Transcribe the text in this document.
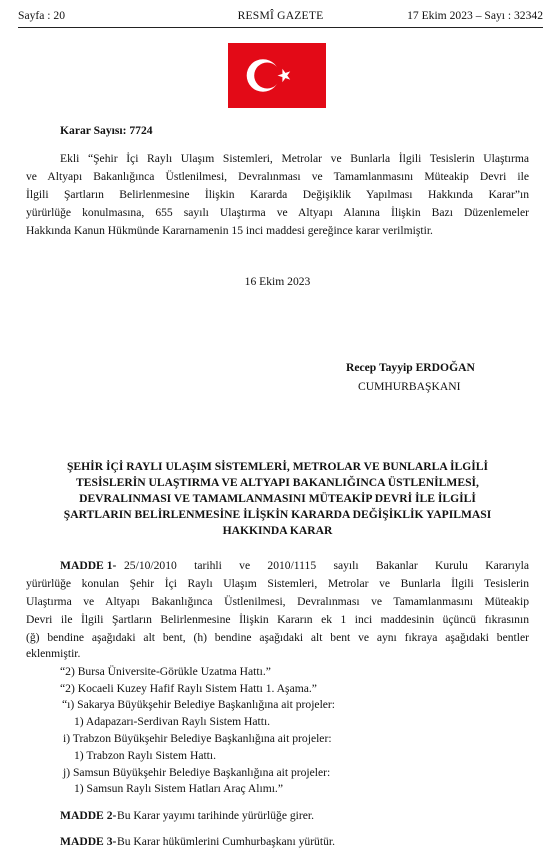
Sayfa : 20	RESMÎ GAZETE	17 Ekim 2023 – Sayı : 32342
Karar Sayısı: 7724
Ekli “Şehir İçi Raylı Ulaşım Sistemleri, Metrolar ve Bunlarla İlgili Tesislerin Ulaştırma
ve Altyapı Bakanlığınca Üstlenilmesi, Devralınması ve Tamamlanmasını Müteakip Devri ile
İlgili Şartların Belirlenmesine İlişkin Kararda Değişiklik Yapılması Hakkında Karar”ın
yürürlüğe konulmasına, 655 sayılı Ulaştırma ve Altyapı Alanına İlişkin Bazı Düzenlemeler
Hakkında Kanun Hükmünde Kararnamenin 15 inci maddesi gereğince karar verilmiştir.
16 Ekim 2023
Recep Tayyip ERDOĞAN
CUMHURBAŞKANI
ŞEHİR İÇİ RAYLI ULAŞIM SİSTEMLERİ, METROLAR VE BUNLARLA İLGİLİ
TESİSLERİN ULAŞTIRMA VE ALTYAPI BAKANLIĞINCA ÜSTLENİLMESİ,
DEVRALINMASI VE TAMAMLANMASINI MÜTEAKİP DEVRİ İLE İLGİLİ
ŞARTLARIN BELİRLENMESİNE İLİŞKİN KARARDA DEĞİŞİKLİK YAPILMASI
HAKKINDA KARAR
MADDE 1- 25/10/2010 tarihli ve 2010/1115 sayılı Bakanlar Kurulu Kararıyla
yürürlüğe konulan Şehir İçi Raylı Ulaşım Sistemleri, Metrolar ve Bunlarla İlgili Tesislerin
Ulaştırma ve Altyapı Bakanlığınca Üstlenilmesi, Devralınması ve Tamamlanmasını Müteakip
Devri ile İlgili Şartların Belirlenmesine İlişkin Kararın ek 1 inci maddesinin üçüncü fıkrasının
(ğ) bendine aşağıdaki alt bent, (h) bendine aşağıdaki alt bent ve aynı fıkraya aşağıdaki bentler
eklenmiştir.
“2) Bursa Üniversite-Görükle Uzatma Hattı.”
“2) Kocaeli Kuzey Hafif Raylı Sistem Hattı 1. Aşama.”
“ı) Sakarya Büyükşehir Belediye Başkanlığına ait projeler:
1) Adapazarı-Serdivan Raylı Sistem Hattı.
i) Trabzon Büyükşehir Belediye Başkanlığına ait projeler:
1) Trabzon Raylı Sistem Hattı.
j) Samsun Büyükşehir Belediye Başkanlığına ait projeler:
1) Samsun Raylı Sistem Hatları Araç Alımı.”
MADDE 2- Bu Karar yayımı tarihinde yürürlüğe girer.
MADDE 3- Bu Karar hükümlerini Cumhurbaşkanı yürütür.
